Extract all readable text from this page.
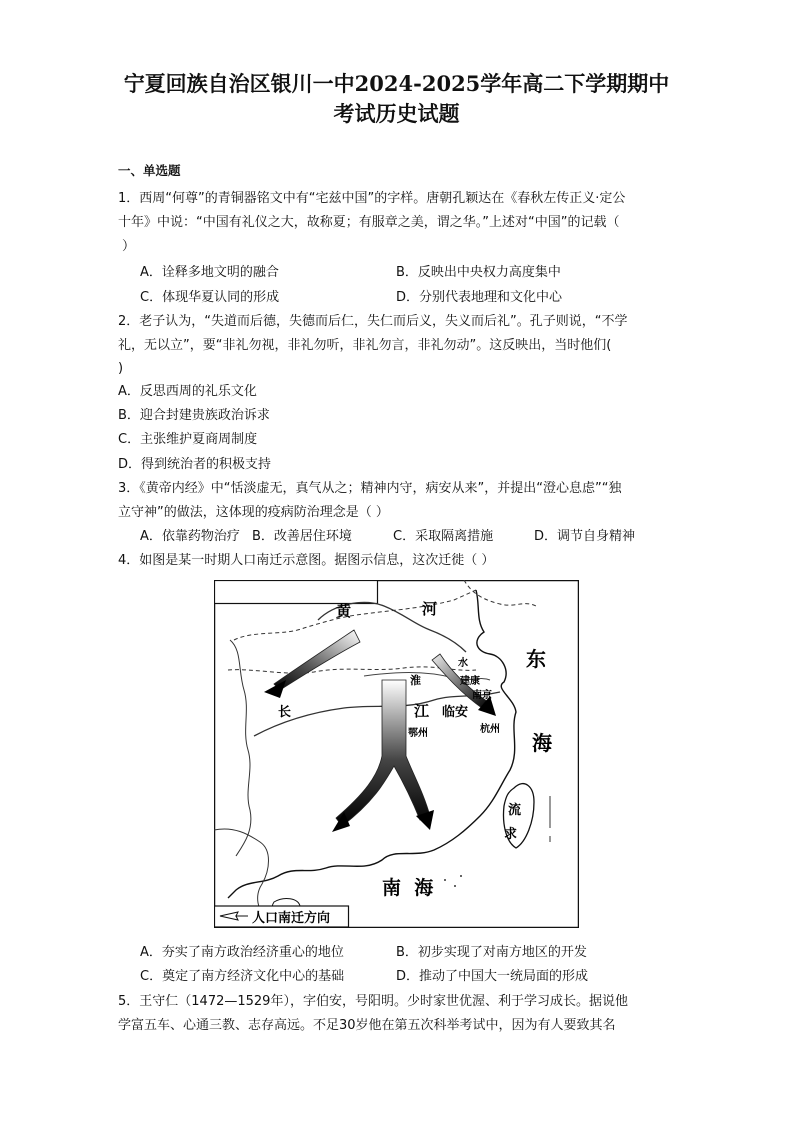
宁夏回族自治区银川一中2024-2025学年高二下学期期中
考试历史试题
一、单选题
1．西周“何尊”的青铜器铭文中有“宅兹中国”的字样。唐朝孔颖达在《春秋左传正义·定公
十年》中说：“中国有礼仪之大，故称夏；有服章之美，谓之华。”上述对“中国”的记载（
）
A．诠释多地文明的融合	B．反映出中央权力高度集中
C．体现华夏认同的形成	D．分别代表地理和文化中心
2．老子认为，“失道而后德，失德而后仁，失仁而后义，失义而后礼”。孔子则说，“不学
礼，无以立”，要“非礼勿视，非礼勿听，非礼勿言，非礼勿动”。这反映出，当时他们(
)
A．反思西周的礼乐文化
B．迎合封建贵族政治诉求
C．主张维护夏商周制度
D．得到统治者的积极支持
3．《黄帝内经》中“恬淡虚无，真气从之；精神内守，病安从来”，并提出“澄心息虑”“独
立守神”的做法，这体现的疫病防治理念是（ ）
A．依靠药物治疗 B．改善居住环境	C．采取隔离措施	D．调节自身精神
4．如图是某一时期人口南迁示意图。据图示信息，这次迁徙（ ）
黄	河
水	东
建康
南京
淮
长	江 临安
鄂州	杭州
海
流
求
南  海
人口南迁方向
A．夯实了南方政治经济重心的地位	B．初步实现了对南方地区的开发
C．奠定了南方经济文化中心的基础	D．推动了中国大一统局面的形成
5．王守仁（1472—1529年），字伯安，号阳明。少时家世优渥、利于学习成长。据说他
学富五车、心通三教、志存高远。不足30岁他在第五次科举考试中，因为有人要致其名
